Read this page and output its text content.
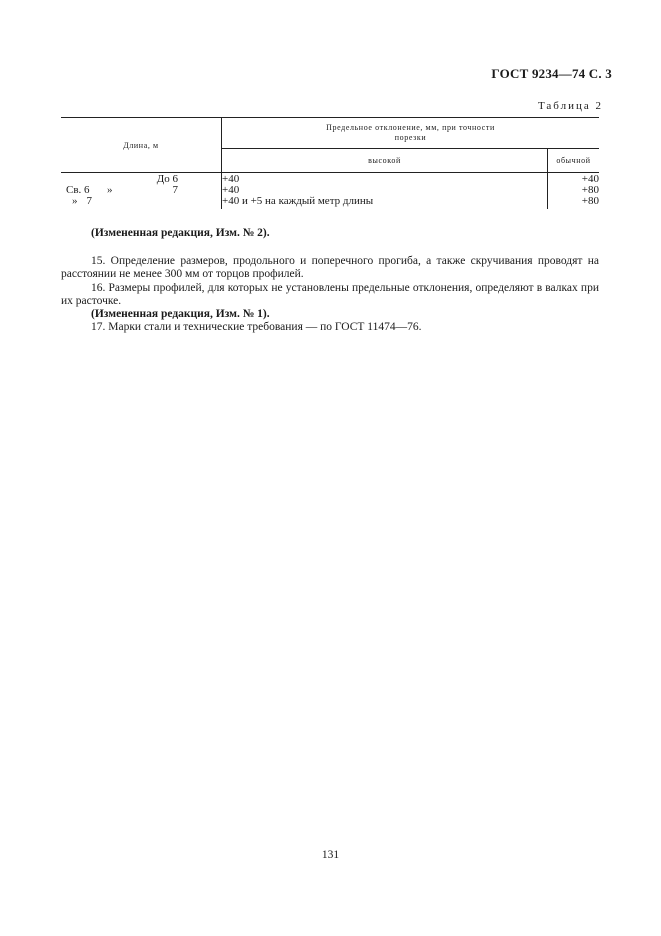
ГОСТ 9234—74 С. 3
Таблица 2
Длина, м	Предельное отклонение, мм, при точности
порезки	
	высокой	обычной

До 6	+40	+40

Св. 6 » 7	+40	+80

» 7	+40 и +5 на каждый метр длины	+80

(Измененная редакция, Изм. № 2).

15. Определение размеров, продольного и поперечного прогиба, а также скручивания проводят на расстоянии не менее 300 мм от торцов профилей.

16. Размеры профилей, для которых не установлены предельные отклонения, определяют в валках при их расточке.

(Измененная редакция, Изм. № 1).

17. Марки стали и технические требования — по ГОСТ 11474—76.

131
